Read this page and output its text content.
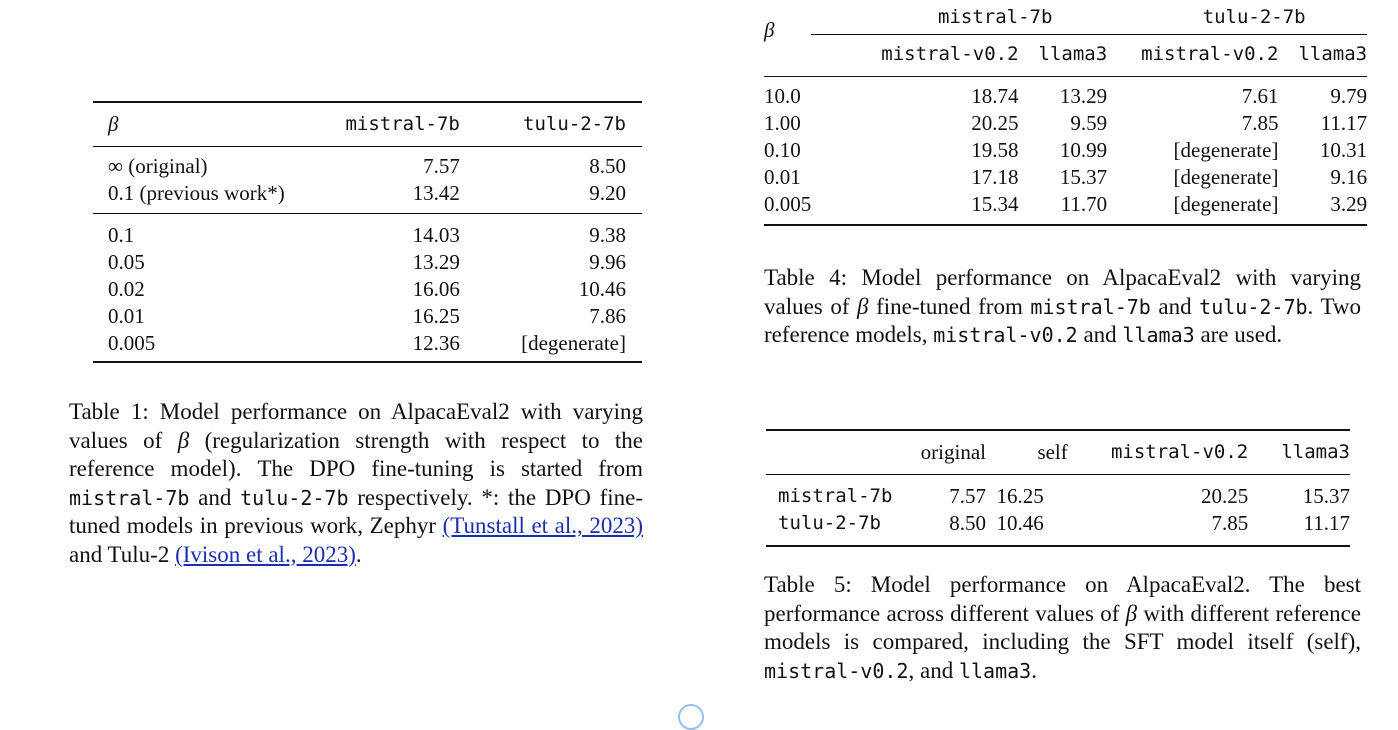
β	mistral-7b	tulu-2-7b
∞ (original)	7.57	8.50
0.1 (previous work*)	13.42	9.20
0.1	14.03	9.38
0.05	13.29	9.96
0.02	16.06	10.46
0.01	16.25	7.86
0.005	12.36	[degenerate]

Table 1: Model performance on AlpacaEval2 with varying values of β (regularization strength with respect to the reference model). The DPO fine-tuning is started from mistral-7b and tulu-2-7b respectively. *: the DPO fine-tuned models in previous work, Zephyr (Tunstall et al., 2023) and Tulu-2 (Ivison et al., 2023).

β	mistral-7b		tulu-2-7b	
	mistral-v0.2	llama3	mistral-v0.2	llama3
10.0	18.74	13.29	7.61	9.79
1.00	20.25	9.59	7.85	11.17
0.10	19.58	10.99	[degenerate]	10.31
0.01	17.18	15.37	[degenerate]	9.16
0.005	15.34	11.70	[degenerate]	3.29

Table 4: Model performance on AlpacaEval2 with varying values of β fine-tuned from mistral-7b and tulu-2-7b. Two reference models, mistral-v0.2 and llama3 are used.

	original	self	mistral-v0.2	llama3
mistral-7b	7.57	16.25	20.25	15.37
tulu-2-7b	8.50	10.46	7.85	11.17

Table 5: Model performance on AlpacaEval2. The best performance across different values of β with different reference models is compared, including the SFT model itself (self), mistral-v0.2, and llama3.
